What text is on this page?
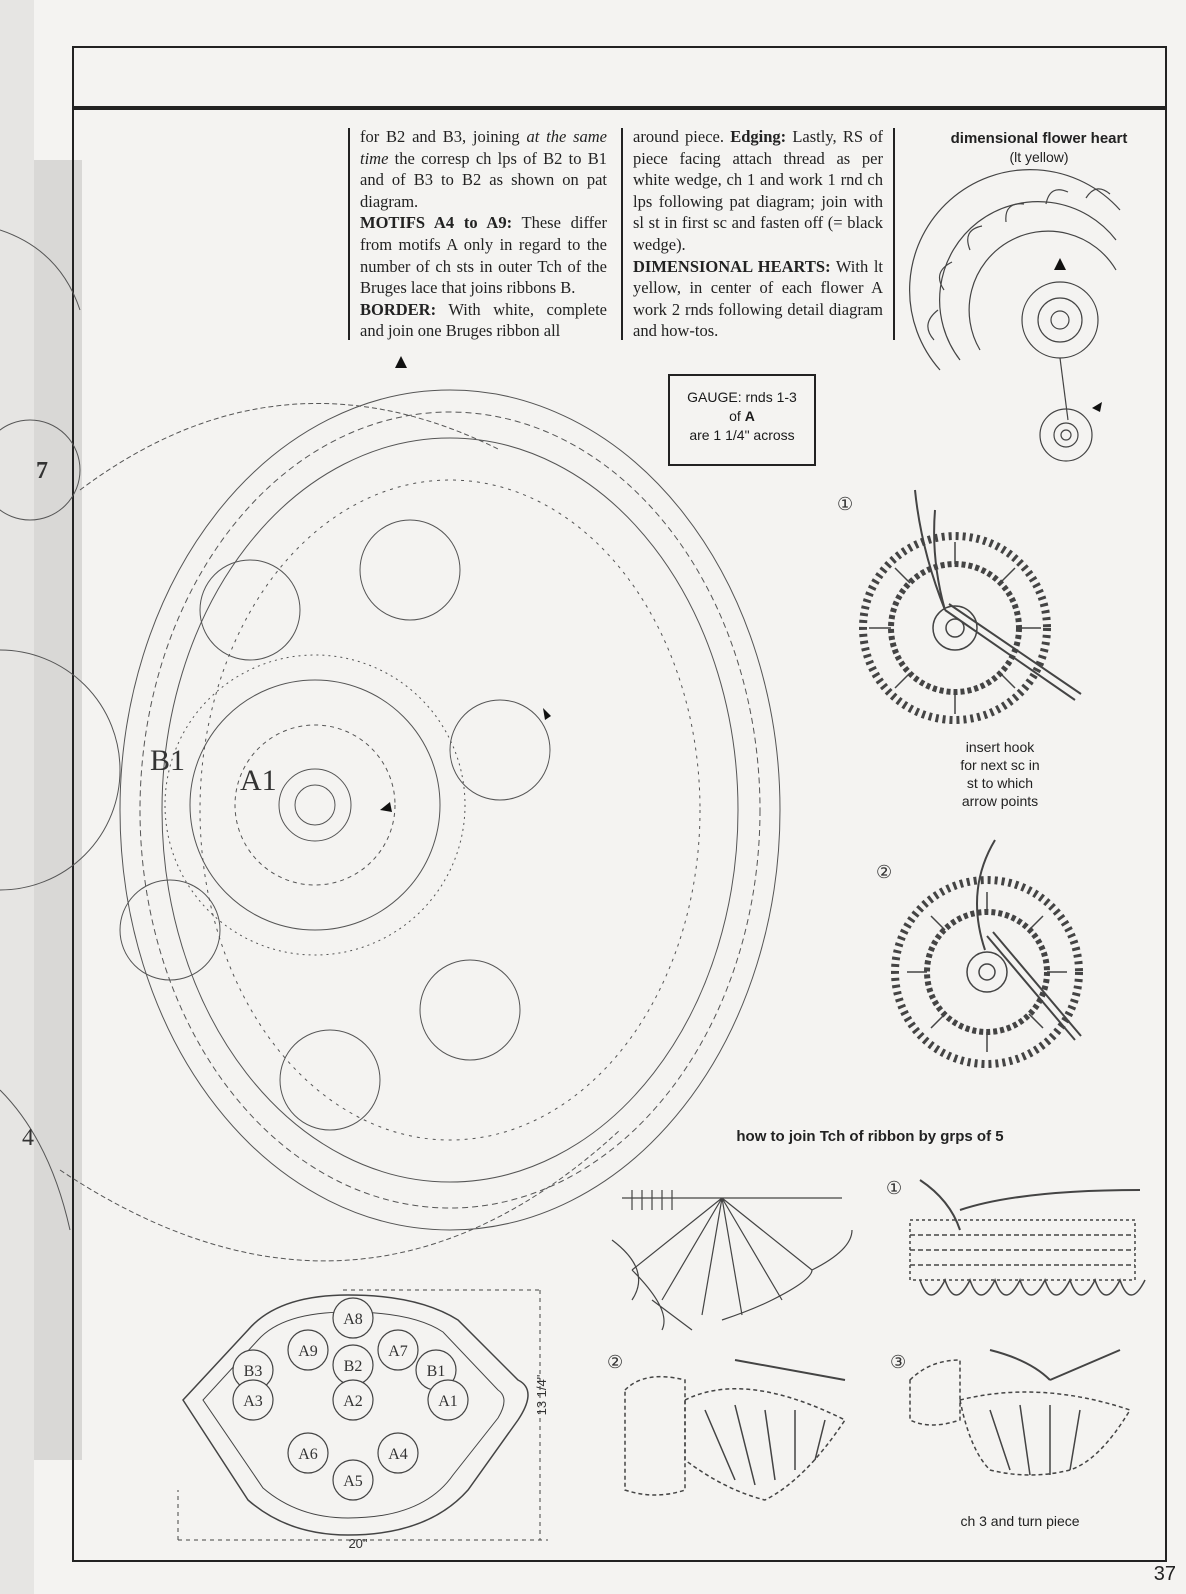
for B2 and B3, joining at the same time the corresp ch lps of B2 to B1 and of B3 to B2 as shown on pat diagram.
MOTIFS A4 to A9: These differ from motifs A only in regard to the number of ch sts in outer Tch of the Bruges lace that joins ribbons B.
BORDER: With white, complete and join one Bruges ribbon all
around piece. Edging: Lastly, RS of piece facing attach thread as per white wedge, ch 1 and work 1 rnd ch lps following pat diagram; join with sl st in first sc and fasten off (= black wedge).
DIMENSIONAL HEARTS: With lt yellow, in center of each flower A work 2 rnds following detail diagram and how-tos.
dimensional flower heart
(lt yellow)
GAUGE: rnds 1-3
of A
are 1 1/4" across
①
insert hook
for next sc in
st to which
arrow points
②
how to join Tch of ribbon by grps of 5
①
②	③
ch 3 and turn piece
B1
A1
7
4
A8
A9	A7
B3	B2	B1
A3	A2	A1
A6	A4
A5
13 1/4"
20"
37
